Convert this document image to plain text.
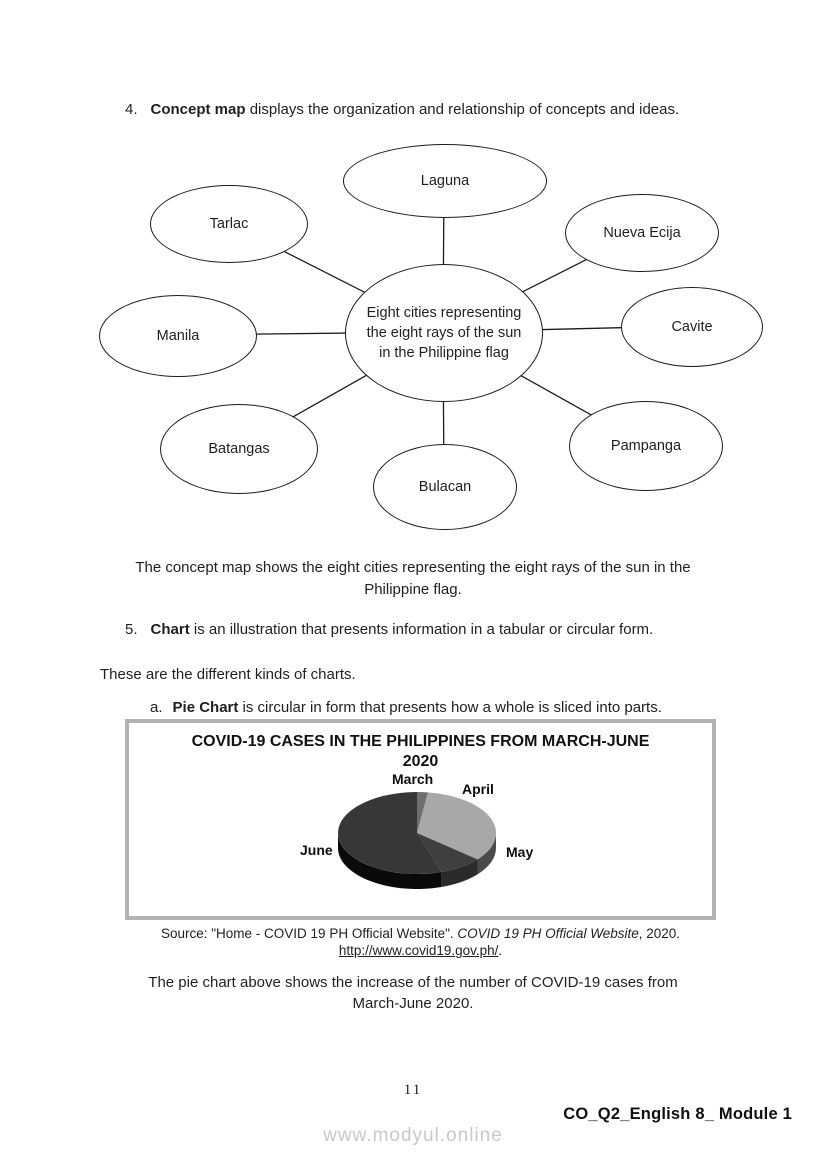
4. Concept map displays the organization and relationship of concepts and ideas.
Laguna
Tarlac
Nueva Ecija
Manila
Cavite
Batangas	Pampanga
Bulacan
Eight cities representing the eight rays of the sun in the Philippine flag
The concept map shows the eight cities representing the eight rays of the sun in the
Philippine flag.
5. Chart is an illustration that presents information in a tabular or circular form.
These are the different kinds of charts.
a. Pie Chart is circular in form that presents how a whole is sliced into parts.
COVID-19 CASES IN THE PHILIPPINES FROM MARCH-JUNE
2020
March
April
May
June
Source: "Home - COVID 19 PH Official Website". COVID 19 PH Official Website, 2020.
http://www.covid19.gov.ph/.
The pie chart above shows the increase of the number of COVID-19 cases from
March-June 2020.
11
CO_Q2_English 8_ Module 1
www.modyul.online
